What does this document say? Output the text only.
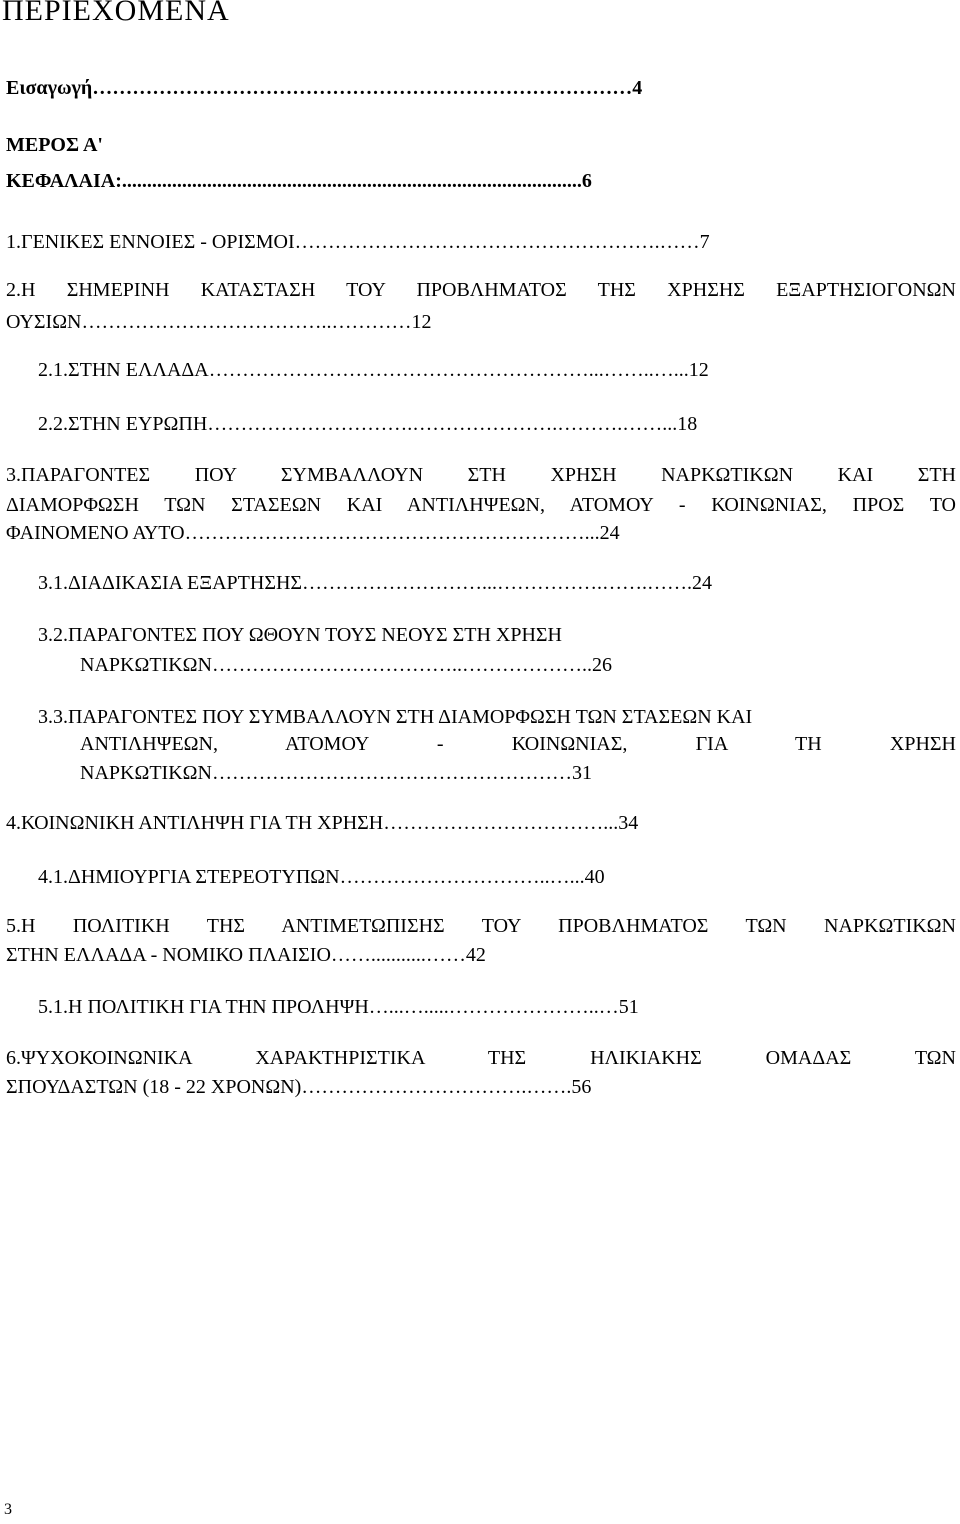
ΠΕΡΙΕΧΟΜΕΝΑ
Εισαγωγή………………………………………………………………………4
ΜΕΡΟΣ Α'
ΚΕΦΑΛΑΙΑ:............................................................................................6
1.ΓΕΝΙΚΕΣ ΕΝΝΟΙΕΣ - ΟΡΙΣΜΟΙ……………………………………………….……7
2.Η ΣΗΜΕΡΙΝΗ ΚΑΤΑΣΤΑΣΗ ΤΟΥ ΠΡΟΒΛΗΜΑΤΟΣ ΤΗΣ ΧΡΗΣΗΣ ΕΞΑΡΤΗΣΙΟΓΟΝΩΝ
ΟΥΣΙΩΝ………………………………..…………12
2.1.ΣΤΗΝ ΕΛΛΑΔΑ…………………………………………………...……..…...12
2.2.ΣΤΗΝ ΕΥΡΩΠΗ………………………….………………….……….……...18
3.ΠΑΡΑΓΟΝΤΕΣ ΠΟΥ ΣΥΜΒΑΛΛΟΥΝ ΣΤΗ ΧΡΗΣΗ ΝΑΡΚΩΤΙΚΩΝ ΚΑΙ ΣΤΗ
ΔΙΑΜΟΡΦΩΣΗ ΤΩΝ ΣΤΑΣΕΩΝ ΚΑΙ ΑΝΤΙΛΗΨΕΩΝ, ΑΤΟΜΟΥ - ΚΟΙΝΩΝΙΑΣ, ΠΡΟΣ ΤΟ
ΦΑΙΝΟΜΕΝΟ ΑΥΤΟ……………………………………………………...24
3.1.ΔΙΑΔΙΚΑΣΙΑ ΕΞΑΡΤΗΣΗΣ………………………...…………….…….…….24
3.2.ΠΑΡΑΓΟΝΤΕΣ ΠΟΥ ΩΘΟΥΝ ΤΟΥΣ ΝΕΟΥΣ ΣΤΗ ΧΡΗΣΗ
ΝΑΡΚΩΤΙΚΩΝ………………………………..………………..26
3.3.ΠΑΡΑΓΟΝΤΕΣ ΠΟΥ ΣΥΜΒΑΛΛΟΥΝ ΣΤΗ ΔΙΑΜΟΡΦΩΣΗ ΤΩΝ ΣΤΑΣΕΩΝ ΚΑΙ
ΑΝΤΙΛΗΨΕΩΝ, ΑΤΟΜΟΥ - ΚΟΙΝΩΝΙΑΣ, ΓΙΑ ΤΗ ΧΡΗΣΗ
ΝΑΡΚΩΤΙΚΩΝ………………………………………………31
4.ΚΟΙΝΩΝΙΚΗ ΑΝΤΙΛΗΨΗ ΓΙΑ ΤΗ ΧΡΗΣΗ……………………………...34
4.1.ΔΗΜΙΟΥΡΓΙΑ ΣΤΕΡΕΟΤΥΠΩΝ…………………………..…...40
5.Η ΠΟΛΙΤΙΚΗ ΤΗΣ ΑΝΤΙΜΕΤΩΠΙΣΗΣ ΤΟΥ ΠΡΟΒΛΗΜΑΤΟΣ ΤΩΝ ΝΑΡΚΩΤΙΚΩΝ
ΣΤΗΝ ΕΛΛΑΔΑ - ΝΟΜΙΚΟ ΠΛΑΙΣΙΟ……...........……42
5.1.Η ΠΟΛΙΤΙΚΗ ΓΙΑ ΤΗΝ ΠΡΟΛΗΨΗ…...….....…………………..…51
6.ΨΥΧΟΚΟΙΝΩΝΙΚΑ ΧΑΡΑΚΤΗΡΙΣΤΙΚΑ ΤΗΣ ΗΛΙΚΙΑΚΗΣ ΟΜΑΔΑΣ ΤΩΝ
ΣΠΟΥΔΑΣΤΩΝ (18 - 22 ΧΡΟΝΩΝ)…………………………….…….56
3
